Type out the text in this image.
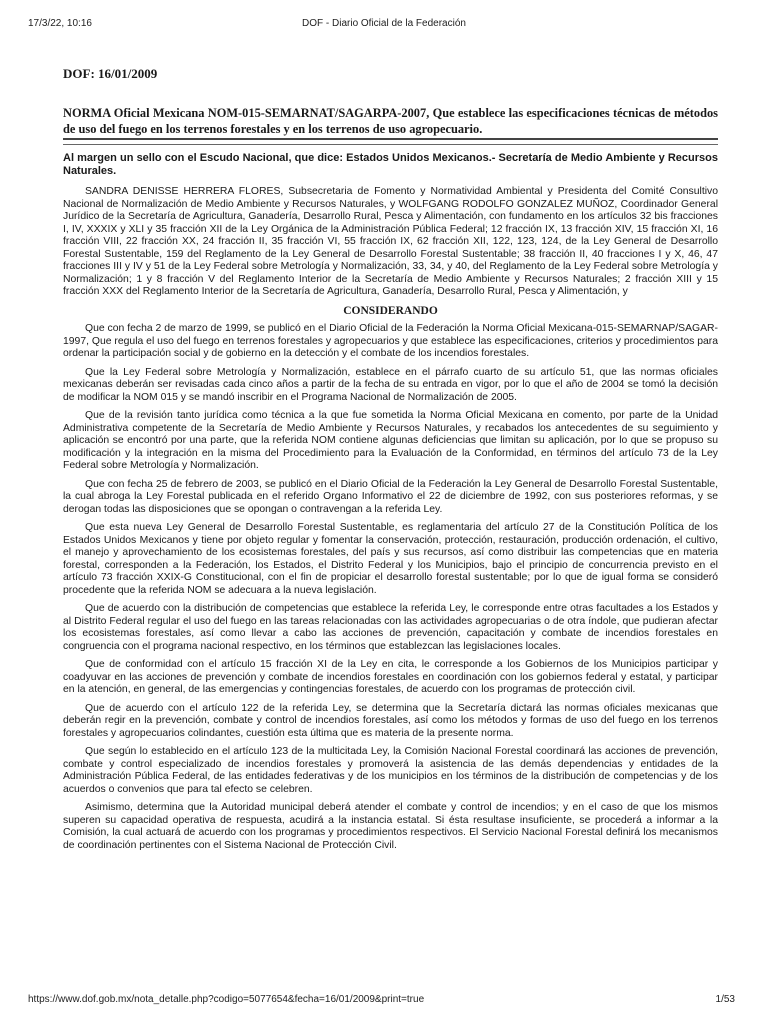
17/3/22, 10:16	DOF - Diario Oficial de la Federación
DOF: 16/01/2009
NORMA Oficial Mexicana NOM-015-SEMARNAT/SAGARPA-2007, Que establece las especificaciones técnicas de métodos de uso del fuego en los terrenos forestales y en los terrenos de uso agropecuario.

Al margen un sello con el Escudo Nacional, que dice: Estados Unidos Mexicanos.- Secretaría de Medio Ambiente y Recursos Naturales.

SANDRA DENISSE HERRERA FLORES, Subsecretaria de Fomento y Normatividad Ambiental y Presidenta del Comité Consultivo Nacional de Normalización de Medio Ambiente y Recursos Naturales, y WOLFGANG RODOLFO GONZALEZ MUÑOZ, Coordinador General Jurídico de la Secretaría de Agricultura, Ganadería, Desarrollo Rural, Pesca y Alimentación, con fundamento en los artículos 32 bis fracciones I, IV, XXXIX y XLI y 35 fracción XII de la Ley Orgánica de la Administración Pública Federal; 12 fracción IX, 13 fracción XIV, 15 fracción XI, 16 fracción VIII, 22 fracción XX, 24 fracción II, 35 fracción VI, 55 fracción IX, 62 fracción XII, 122, 123, 124, de la Ley General de Desarrollo Forestal Sustentable, 159 del Reglamento de la Ley General de Desarrollo Forestal Sustentable; 38 fracción II, 40 fracciones I y X, 46, 47 fracciones III y IV y 51 de la Ley Federal sobre Metrología y Normalización, 33, 34, y 40, del Reglamento de la Ley Federal sobre Metrología y Normalización; 1 y 8 fracción V del Reglamento Interior de la Secretaría de Medio Ambiente y Recursos Naturales; 2 fracción XIII y 15 fracción XXX del Reglamento Interior de la Secretaría de Agricultura, Ganadería, Desarrollo Rural, Pesca y Alimentación, y

CONSIDERANDO

Que con fecha 2 de marzo de 1999, se publicó en el Diario Oficial de la Federación la Norma Oficial Mexicana-015-SEMARNAP/SAGAR-1997, Que regula el uso del fuego en terrenos forestales y agropecuarios y que establece las especificaciones, criterios y procedimientos para ordenar la participación social y de gobierno en la detección y el combate de los incendios forestales.

Que la Ley Federal sobre Metrología y Normalización, establece en el párrafo cuarto de su artículo 51, que las normas oficiales mexicanas deberán ser revisadas cada cinco años a partir de la fecha de su entrada en vigor, por lo que el año de 2004 se tomó la decisión de modificar la NOM 015 y se mandó inscribir en el Programa Nacional de Normalización de 2005.

Que de la revisión tanto jurídica como técnica a la que fue sometida la Norma Oficial Mexicana en comento, por parte de la Unidad Administrativa competente de la Secretaría de Medio Ambiente y Recursos Naturales, y recabados los antecedentes de su seguimiento y aplicación se encontró por una parte, que la referida NOM contiene algunas deficiencias que limitan su aplicación, por lo que se propuso su modificación y la integración en la misma del Procedimiento para la Evaluación de la Conformidad, en términos del artículo 73 de la Ley Federal sobre Metrología y Normalización.

Que con fecha 25 de febrero de 2003, se publicó en el Diario Oficial de la Federación la Ley General de Desarrollo Forestal Sustentable, la cual abroga la Ley Forestal publicada en el referido Organo Informativo el 22 de diciembre de 1992, con sus posteriores reformas, y se derogan todas las disposiciones que se opongan o contravengan a la referida Ley.

Que esta nueva Ley General de Desarrollo Forestal Sustentable, es reglamentaria del artículo 27 de la Constitución Política de los Estados Unidos Mexicanos y tiene por objeto regular y fomentar la conservación, protección, restauración, producción ordenación, el cultivo, el manejo y aprovechamiento de los ecosistemas forestales, del país y sus recursos, así como distribuir las competencias que en materia forestal, corresponden a la Federación, los Estados, el Distrito Federal y los Municipios, bajo el principio de concurrencia previsto en el artículo 73 fracción XXIX-G Constitucional, con el fin de propiciar el desarrollo forestal sustentable; por lo que de igual forma se consideró procedente que la referida NOM se adecuara a la nueva legislación.

Que de acuerdo con la distribución de competencias que establece la referida Ley, le corresponde entre otras facultades a los Estados y al Distrito Federal regular el uso del fuego en las tareas relacionadas con las actividades agropecuarias o de otra índole, que pudieran afectar los ecosistemas forestales, así como llevar a cabo las acciones de prevención, capacitación y combate de incendios forestales en congruencia con el programa nacional respectivo, en los términos que establezcan las legislaciones locales.

Que de conformidad con el artículo 15 fracción XI de la Ley en cita, le corresponde a los Gobiernos de los Municipios participar y coadyuvar en las acciones de prevención y combate de incendios forestales en coordinación con los gobiernos federal y estatal, y participar en la atención, en general, de las emergencias y contingencias forestales, de acuerdo con los programas de protección civil.

Que de acuerdo con el artículo 122 de la referida Ley, se determina que la Secretaría dictará las normas oficiales mexicanas que deberán regir en la prevención, combate y control de incendios forestales, así como los métodos y formas de uso del fuego en los terrenos forestales y agropecuarios colindantes, cuestión esta última que es materia de la presente norma.

Que según lo establecido en el artículo 123 de la multicitada Ley, la Comisión Nacional Forestal coordinará las acciones de prevención, combate y control especializado de incendios forestales y promoverá la asistencia de las demás dependencias y entidades de la Administración Pública Federal, de las entidades federativas y de los municipios en los términos de la distribución de competencias y de los acuerdos o convenios que para tal efecto se celebren.

Asimismo, determina que la Autoridad municipal deberá atender el combate y control de incendios; y en el caso de que los mismos superen su capacidad operativa de respuesta, acudirá a la instancia estatal. Si ésta resultase insuficiente, se procederá a informar a la Comisión, la cual actuará de acuerdo con los programas y procedimientos respectivos. El Servicio Nacional Forestal definirá los mecanismos de coordinación pertinentes con el Sistema Nacional de Protección Civil.

https://www.dof.gob.mx/nota_detalle.php?codigo=5077654&fecha=16/01/2009&print=true	1/53
